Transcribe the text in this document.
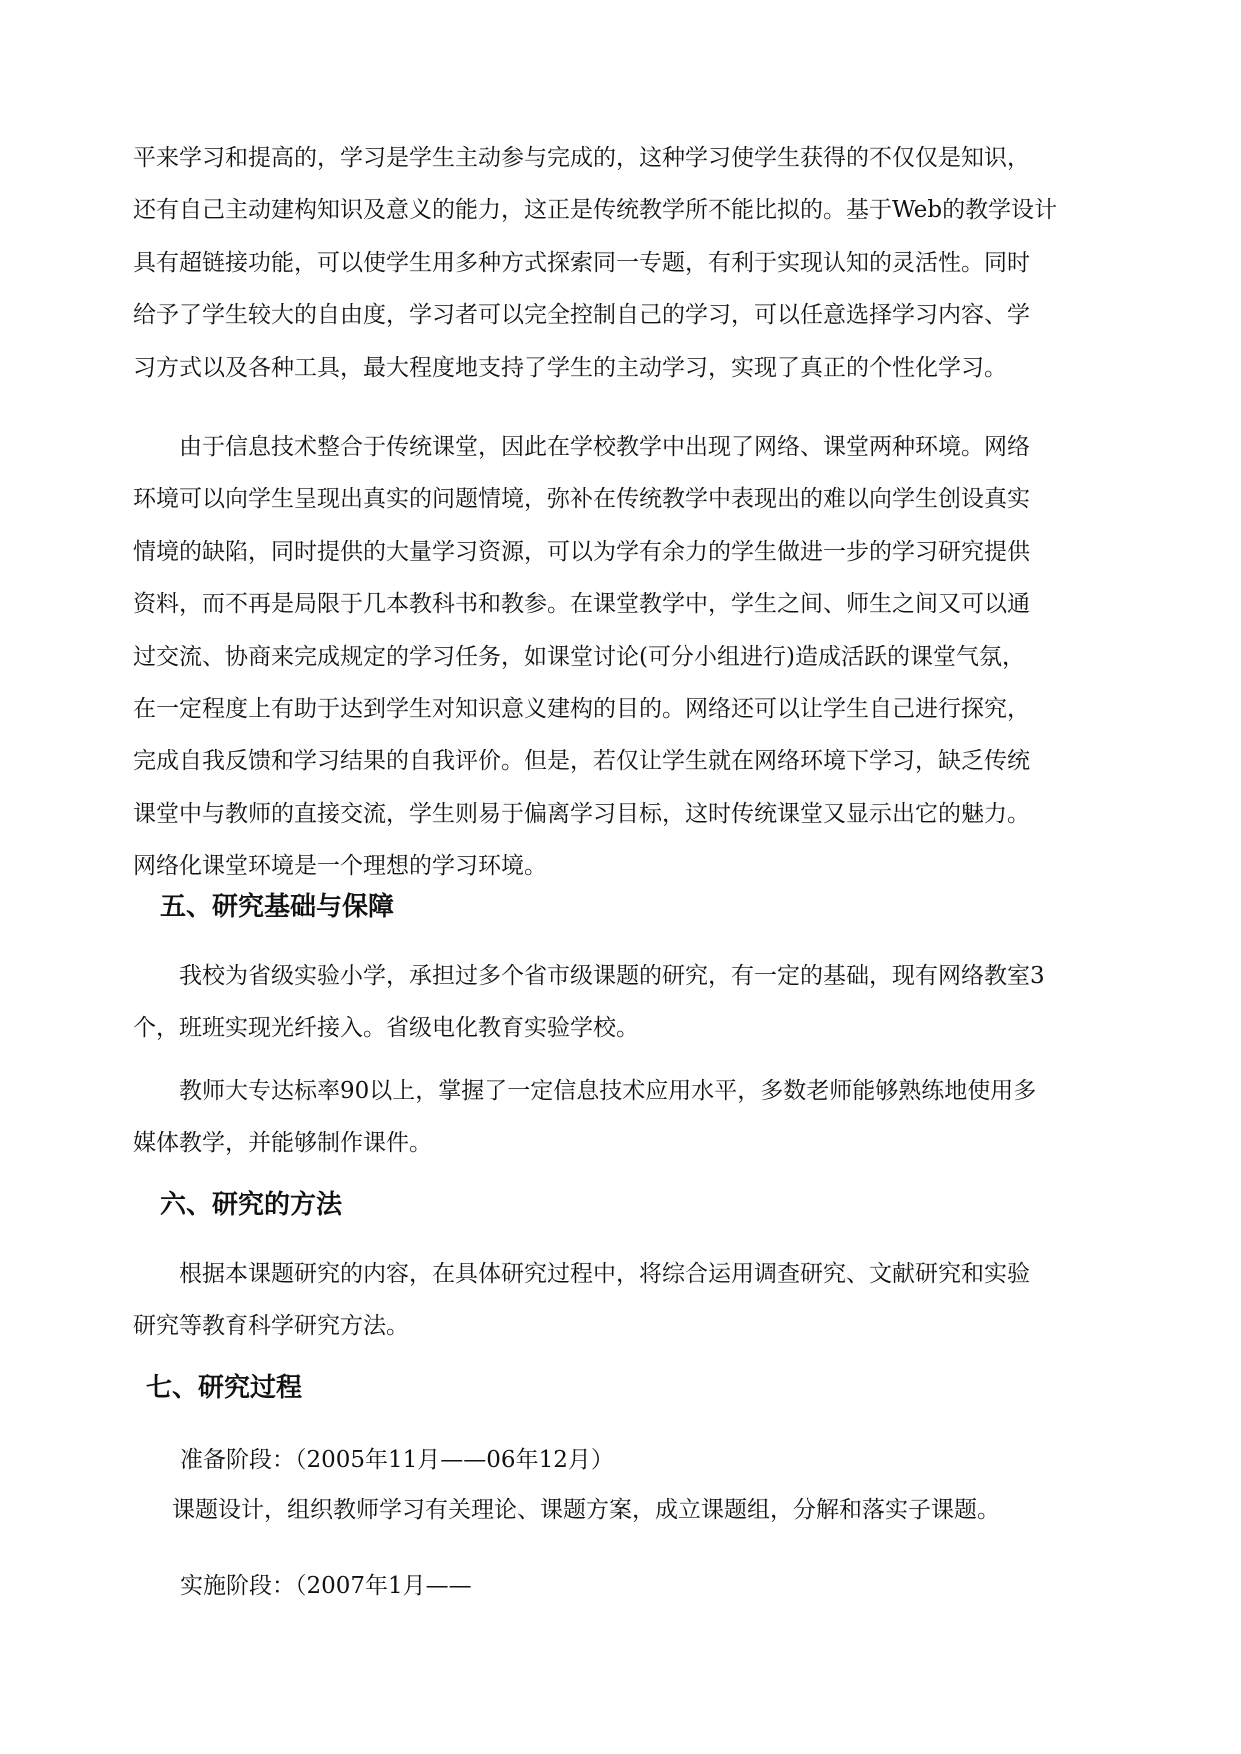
平来学习和提高的，学习是学生主动参与完成的，这种学习使学生获得的不仅仅是知识，
还有自己主动建构知识及意义的能力，这正是传统教学所不能比拟的。基于Web的教学设计
具有超链接功能，可以使学生用多种方式探索同一专题，有利于实现认知的灵活性。同时
给予了学生较大的自由度，学习者可以完全控制自己的学习，可以任意选择学习内容、学
习方式以及各种工具，最大程度地支持了学生的主动学习，实现了真正的个性化学习。
　　由于信息技术整合于传统课堂，因此在学校教学中出现了网络、课堂两种环境。网络
环境可以向学生呈现出真实的问题情境，弥补在传统教学中表现出的难以向学生创设真实
情境的缺陷，同时提供的大量学习资源，可以为学有余力的学生做进一步的学习研究提供
资料，而不再是局限于几本教科书和教参。在课堂教学中，学生之间、师生之间又可以通
过交流、协商来完成规定的学习任务，如课堂讨论(可分小组进行)造成活跃的课堂气氛，
在一定程度上有助于达到学生对知识意义建构的目的。网络还可以让学生自己进行探究，
完成自我反馈和学习结果的自我评价。但是，若仅让学生就在网络环境下学习，缺乏传统
课堂中与教师的直接交流，学生则易于偏离学习目标，这时传统课堂又显示出它的魅力。
网络化课堂环境是一个理想的学习环境。
五、研究基础与保障
　　我校为省级实验小学，承担过多个省市级课题的研究，有一定的基础，现有网络教室3
个，班班实现光纤接入。省级电化教育实验学校。
　　教师大专达标率90以上，掌握了一定信息技术应用水平，多数老师能够熟练地使用多
媒体教学，并能够制作课件。
六、研究的方法
　　根据本课题研究的内容，在具体研究过程中，将综合运用调查研究、文献研究和实验
研究等教育科学研究方法。
七、研究过程

准备阶段：（2005年11月——06年12月）

课题设计，组织教师学习有关理论、课题方案，成立课题组，分解和落实子课题。

实施阶段：（2007年1月——
